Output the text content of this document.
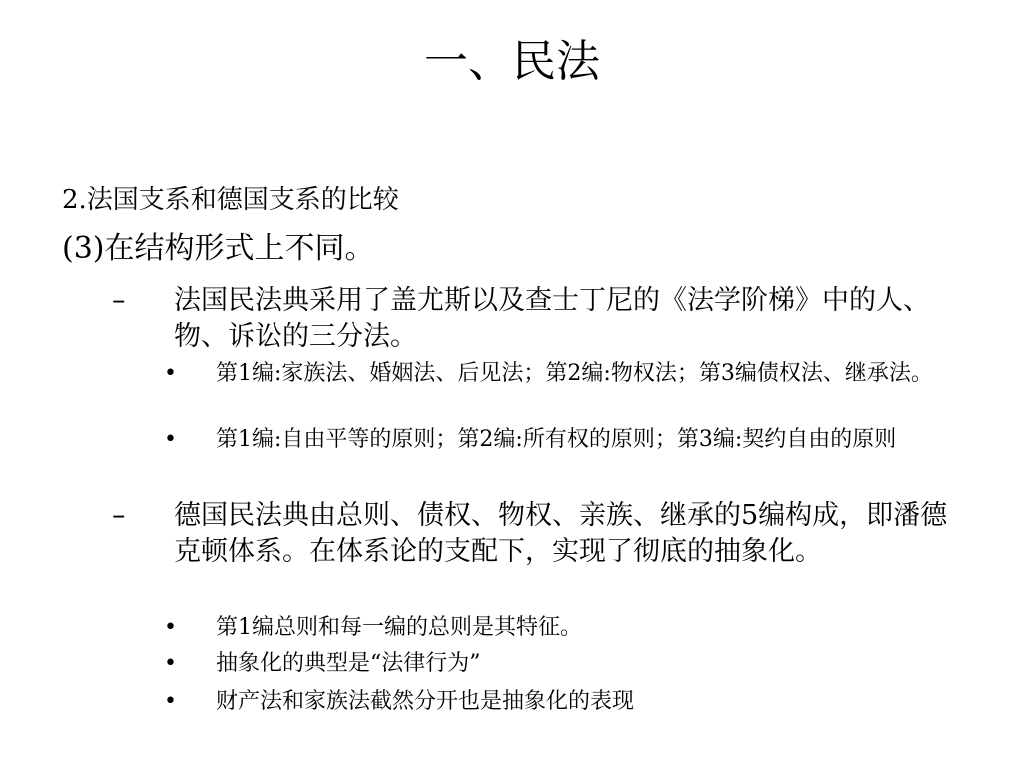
一、民法
2.法国支系和德国支系的比较
(3)在结构形式上不同。
–	法国民法典采用了盖尤斯以及查士丁尼的《法学阶梯》中的人、物、诉讼的三分法。
•	第1编:家族法、婚姻法、后见法；第2编:物权法；第3编债权法、继承法。
•	第1编:自由平等的原则；第2编:所有权的原则；第3编:契约自由的原则
–	德国民法典由总则、债权、物权、亲族、继承的5编构成，即潘德克顿体系。在体系论的支配下，实现了彻底的抽象化。
•	第1编总则和每一编的总则是其特征。
•	抽象化的典型是“法律行为”
•	财产法和家族法截然分开也是抽象化的表现
